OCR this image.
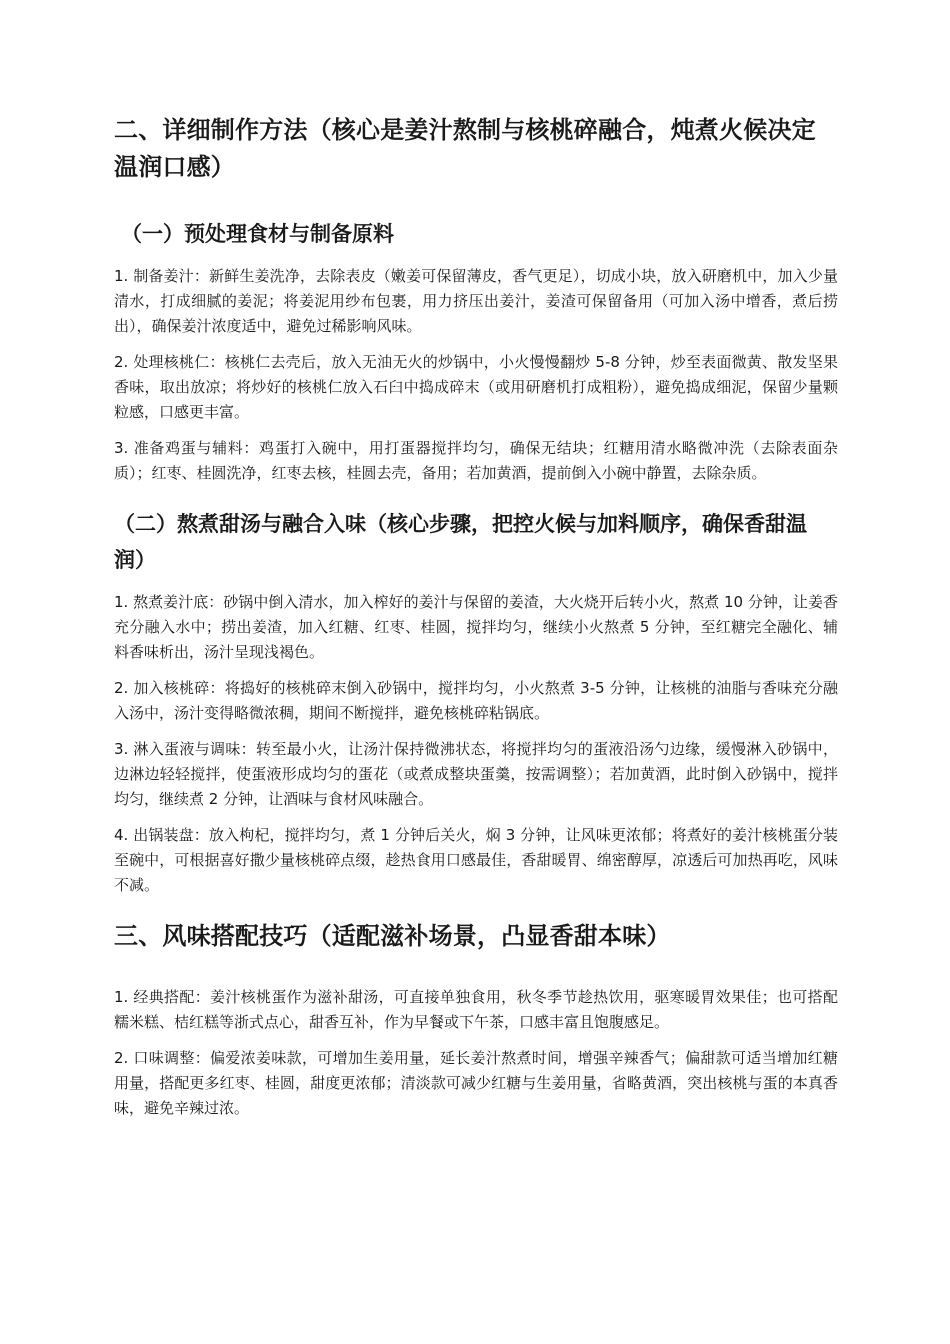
二、详细制作方法（核心是姜汁熬制与核桃碎融合，炖煮火候决定温润口感）
（一）预处理食材与制备原料

1. 制备姜汁：新鲜生姜洗净，去除表皮（嫩姜可保留薄皮，香气更足），切成小块，放入研磨机中，加入少量清水，打成细腻的姜泥；将姜泥用纱布包裹，用力挤压出姜汁，姜渣可保留备用（可加入汤中增香，煮后捞出），确保姜汁浓度适中，避免过稀影响风味。

2. 处理核桃仁：核桃仁去壳后，放入无油无火的炒锅中，小火慢慢翻炒 5-8 分钟，炒至表面微黄、散发坚果香味，取出放凉；将炒好的核桃仁放入石臼中捣成碎末（或用研磨机打成粗粉），避免捣成细泥，保留少量颗粒感，口感更丰富。

3. 准备鸡蛋与辅料：鸡蛋打入碗中，用打蛋器搅拌均匀，确保无结块；红糖用清水略微冲洗（去除表面杂质）；红枣、桂圆洗净，红枣去核，桂圆去壳，备用；若加黄酒，提前倒入小碗中静置，去除杂质。

（二）熬煮甜汤与融合入味（核心步骤，把控火候与加料顺序，确保香甜温润）

1. 熬煮姜汁底：砂锅中倒入清水，加入榨好的姜汁与保留的姜渣，大火烧开后转小火，熬煮 10 分钟，让姜香充分融入水中；捞出姜渣，加入红糖、红枣、桂圆，搅拌均匀，继续小火熬煮 5 分钟，至红糖完全融化、辅料香味析出，汤汁呈现浅褐色。

2. 加入核桃碎：将捣好的核桃碎末倒入砂锅中，搅拌均匀，小火熬煮 3-5 分钟，让核桃的油脂与香味充分融入汤中，汤汁变得略微浓稠，期间不断搅拌，避免核桃碎粘锅底。

3. 淋入蛋液与调味：转至最小火，让汤汁保持微沸状态，将搅拌均匀的蛋液沿汤勺边缘，缓慢淋入砂锅中，边淋边轻轻搅拌，使蛋液形成均匀的蛋花（或煮成整块蛋羹，按需调整）；若加黄酒，此时倒入砂锅中，搅拌均匀，继续煮 2 分钟，让酒味与食材风味融合。

4. 出锅装盘：放入枸杞，搅拌均匀，煮 1 分钟后关火，焖 3 分钟，让风味更浓郁；将煮好的姜汁核桃蛋分装至碗中，可根据喜好撒少量核桃碎点缀，趁热食用口感最佳，香甜暖胃、绵密醇厚，凉透后可加热再吃，风味不减。

三、风味搭配技巧（适配滋补场景，凸显香甜本味）

1. 经典搭配：姜汁核桃蛋作为滋补甜汤，可直接单独食用，秋冬季节趁热饮用，驱寒暖胃效果佳；也可搭配糯米糕、桔红糕等浙式点心，甜香互补，作为早餐或下午茶，口感丰富且饱腹感足。

2. 口味调整：偏爱浓姜味款，可增加生姜用量，延长姜汁熬煮时间，增强辛辣香气；偏甜款可适当增加红糖用量，搭配更多红枣、桂圆，甜度更浓郁；清淡款可减少红糖与生姜用量，省略黄酒，突出核桃与蛋的本真香味，避免辛辣过浓。
